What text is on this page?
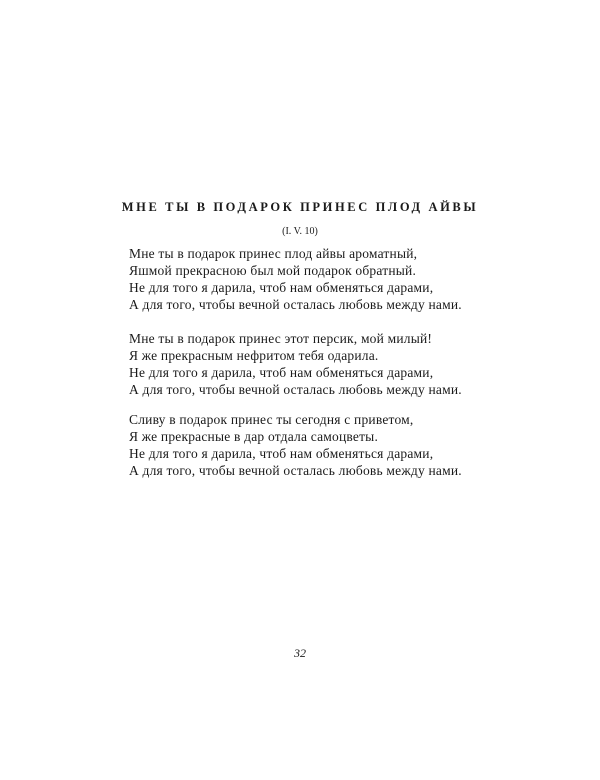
МНЕ ТЫ В ПОДАРОК ПРИНЕС ПЛОД АЙВЫ

(I. V. 10)

Мне ты в подарок принес плод айвы ароматный,
Яшмой прекрасною был мой подарок обратный.
Не для того я дарила, чтоб нам обменяться дарами,
А для того, чтобы вечной осталась любовь между нами.
Мне ты в подарок принес этот персик, мой милый!
Я же прекрасным нефритом тебя одарила.
Не для того я дарила, чтоб нам обменяться дарами,
А для того, чтобы вечной осталась любовь между нами.
Сливу в подарок принес ты сегодня с приветом,
Я же прекрасные в дар отдала самоцветы.
Не для того я дарила, чтоб нам обменяться дарами,
А для того, чтобы вечной осталась любовь между нами.

32
